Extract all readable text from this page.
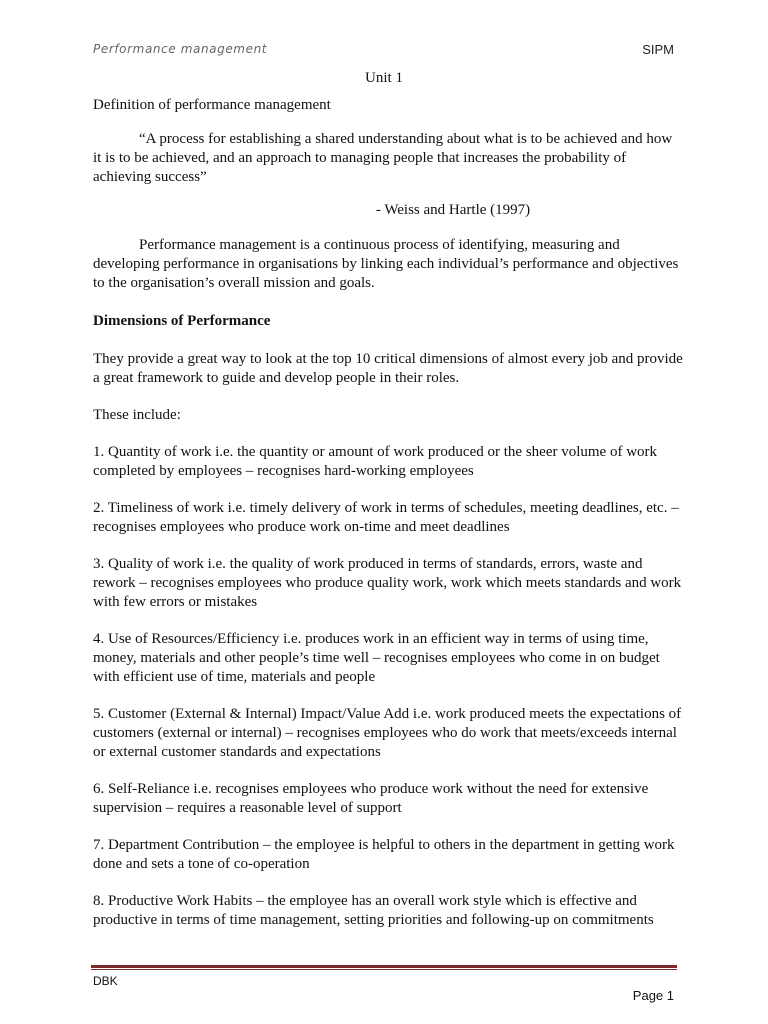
Performance management	SIPM
Unit 1

Definition of performance management

“A process for establishing a shared understanding about what is to be achieved and how it is to be achieved, and an approach to managing people that increases the probability of achieving success”

- Weiss and Hartle (1997)

Performance management is a continuous process of identifying, measuring and developing performance in organisations by linking each individual’s performance and objectives to the organisation’s overall mission and goals.

Dimensions of Performance

They provide a great way to look at the top 10 critical dimensions of almost every job and provide a great framework to guide and develop people in their roles.

These include:

1. Quantity of work i.e. the quantity or amount of work produced or the sheer volume of work completed by employees – recognises hard-working employees
2. Timeliness of work i.e. timely delivery of work in terms of schedules, meeting deadlines, etc. – recognises employees who produce work on-time and meet deadlines
3. Quality of work i.e. the quality of work produced in terms of standards, errors, waste and rework – recognises employees who produce quality work, work which meets standards and work with few errors or mistakes
4. Use of Resources/Efficiency i.e. produces work in an efficient way in terms of using time, money, materials and other people’s time well – recognises employees who come in on budget with efficient use of time, materials and people
5. Customer (External & Internal) Impact/Value Add i.e. work produced meets the expectations of customers (external or internal) – recognises employees who do work that meets/exceeds internal or external customer standards and expectations
6. Self-Reliance i.e. recognises employees who produce work without the need for extensive supervision – requires a reasonable level of support
7. Department Contribution – the employee is helpful to others in the department in getting work done and sets a tone of co-operation
8. Productive Work Habits – the employee has an overall work style which is effective and productive in terms of time management, setting priorities and following-up on commitments
DBK
Page 1
